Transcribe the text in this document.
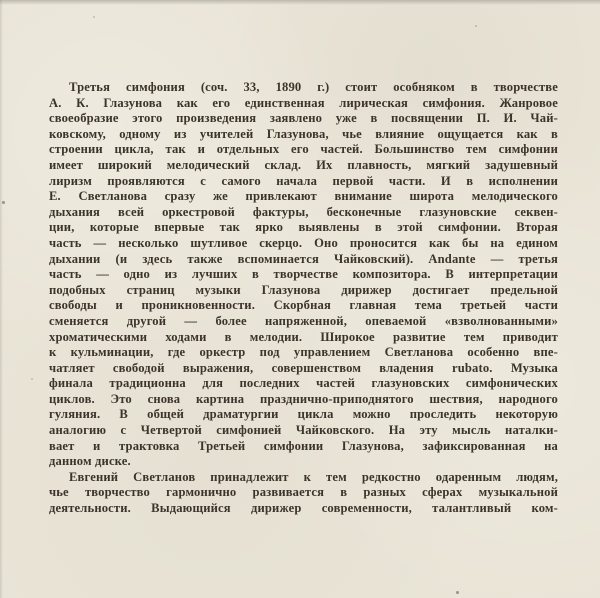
Третья симфония (соч. 33, 1890 г.) стоит особняком в творчестве
А. К. Глазунова как его единственная лирическая симфония. Жанровое
своеобразие этого произведения заявлено уже в посвящении П. И. Чай-
ковскому, одному из учителей Глазунова, чье влияние ощущается как в
строении цикла, так и отдельных его частей. Большинство тем симфонии
имеет широкий мелодический склад. Их плавность, мягкий задушевный
лиризм проявляются с самого начала первой части. И в исполнении
Е. Светланова сразу же привлекают внимание широта мелодического
дыхания всей оркестровой фактуры, бесконечные глазуновские секвен-
ции, которые впервые так ярко выявлены в этой симфонии. Вторая
часть — несколько шутливое скерцо. Оно проносится как бы на едином
дыхании (и здесь также вспоминается Чайковский). Andante — третья
часть — одно из лучших в творчестве композитора. В интерпретации
подобных страниц музыки Глазунова дирижер достигает предельной
свободы и проникновенности. Скорбная главная тема третьей части
сменяется другой — более напряженной, опеваемой «взволнованными»
хроматическими ходами в мелодии. Широкое развитие тем приводит
к кульминации, где оркестр под управлением Светланова особенно впе-
чатляет свободой выражения, совершенством владения rubato. Музыка
финала традиционна для последних частей глазуновских симфонических
циклов. Это снова картина празднично-приподнятого шествия, народного
гуляния. В общей драматургии цикла можно проследить некоторую
аналогию с Четвертой симфонией Чайковского. На эту мысль наталки-
вает и трактовка Третьей симфонии Глазунова, зафиксированная на
данном диске.
Евгений Светланов принадлежит к тем редкостно одаренным людям,
чье творчество гармонично развивается в разных сферах музыкальной
деятельности. Выдающийся дирижер современности, талантливый ком-
